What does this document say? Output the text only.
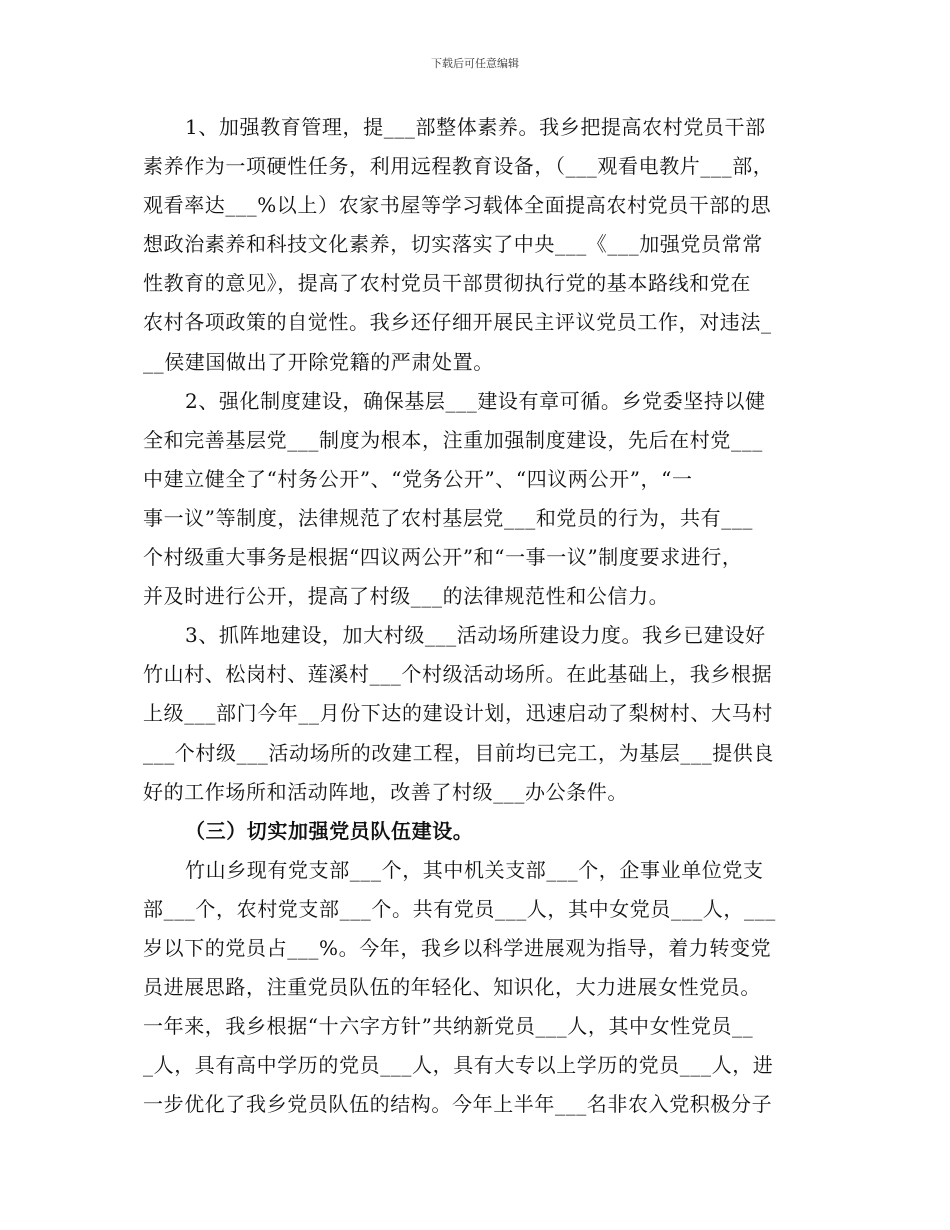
下载后可任意编辑
1、加强教育管理，提___部整体素养。我乡把提高农村党员干部
素养作为一项硬性任务，利用远程教育设备，（___观看电教片___部，
观看率达___%以上）农家书屋等学习载体全面提高农村党员干部的思
想政治素养和科技文化素养，切实落实了中央___《___加强党员常常
性教育的意见》，提高了农村党员干部贯彻执行党的基本路线和党在
农村各项政策的自觉性。我乡还仔细开展民主评议党员工作，对违法_
__侯建国做出了开除党籍的严肃处置。
2、强化制度建设，确保基层___建设有章可循。乡党委坚持以健
全和完善基层党___制度为根本，注重加强制度建设，先后在村党___
中建立健全了“村务公开”、“党务公开”、“四议两公开”，“一
事一议”等制度，法律规范了农村基层党___和党员的行为，共有___
个村级重大事务是根据“四议两公开”和“一事一议”制度要求进行，
并及时进行公开，提高了村级___的法律规范性和公信力。
3、抓阵地建设，加大村级___活动场所建设力度。我乡已建设好
竹山村、松岗村、莲溪村___个村级活动场所。在此基础上，我乡根据
上级___部门今年__月份下达的建设计划，迅速启动了梨树村、大马村
___个村级___活动场所的改建工程，目前均已完工，为基层___提供良
好的工作场所和活动阵地，改善了村级___办公条件。
（三）切实加强党员队伍建设。
竹山乡现有党支部___个，其中机关支部___个，企事业单位党支
部___个，农村党支部___个。共有党员___人，其中女党员___人，___
岁以下的党员占___%。今年，我乡以科学进展观为指导，着力转变党
员进展思路，注重党员队伍的年轻化、知识化，大力进展女性党员。
一年来，我乡根据“十六字方针”共纳新党员___人，其中女性党员__
_人，具有高中学历的党员___人，具有大专以上学历的党员___人，进
一步优化了我乡党员队伍的结构。今年上半年___名非农入党积极分子
